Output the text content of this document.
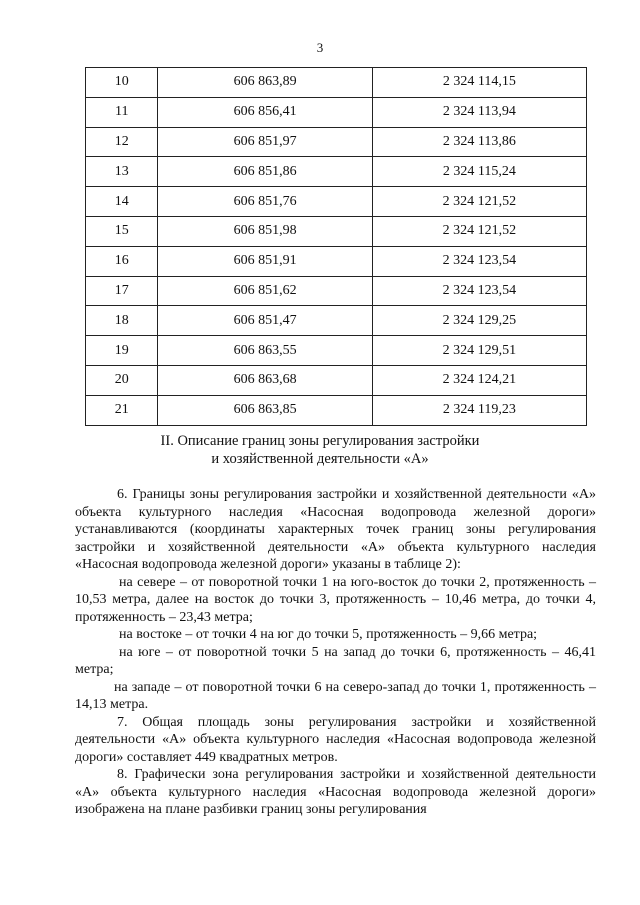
3
10	606 863,89	2 324 114,15
11	606 856,41	2 324 113,94
12	606 851,97	2 324 113,86
13	606 851,86	2 324 115,24
14	606 851,76	2 324 121,52
15	606 851,98	2 324 121,52
16	606 851,91	2 324 123,54
17	606 851,62	2 324 123,54
18	606 851,47	2 324 129,25
19	606 863,55	2 324 129,51
20	606 863,68	2 324 124,21
21	606 863,85	2 324 119,23
II. Описание границ зоны регулирования застройки
и хозяйственной деятельности «А»

6. Границы зоны регулирования застройки и хозяйственной деятельности «А» объекта культурного наследия «Насосная водопровода железной дороги» устанавливаются (координаты характерных точек границ зоны регулирования застройки и хозяйственной деятельности «А» объекта культурного наследия «Насосная водопровода железной дороги» указаны в таблице 2):

на севере – от поворотной точки 1 на юго-восток до точки 2, протяженность – 10,53 метра, далее на восток до точки 3, протяженность – 10,46 метра, до точки 4, протяженность – 23,43 метра;

на востоке – от точки 4 на юг до точки 5, протяженность – 9,66 метра;

на юге – от поворотной точки 5 на запад до точки 6, протяженность – 46,41 метра;

на западе – от поворотной точки 6 на северо-запад до точки 1, протяженность – 14,13 метра.

7. Общая площадь зоны регулирования застройки и хозяйственной деятельности «А» объекта культурного наследия «Насосная водопровода железной дороги» составляет 449 квадратных метров.

8. Графически зона регулирования застройки и хозяйственной деятельности «А» объекта культурного наследия «Насосная водопровода железной дороги» изображена на плане разбивки границ зоны регулирования
